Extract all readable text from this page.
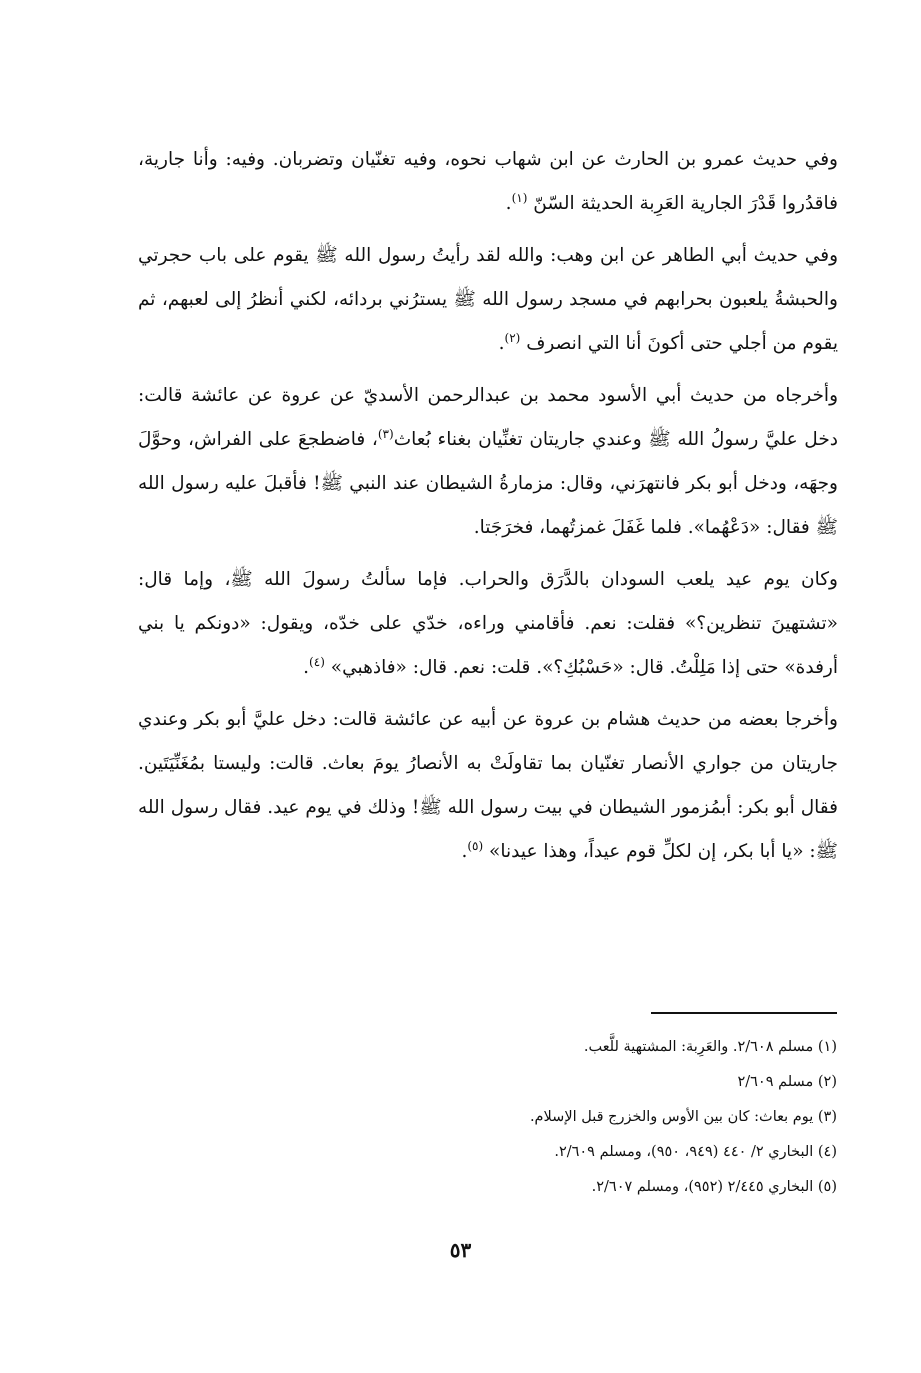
وفي حديث عمرو بن الحارث عن ابن شهاب نحوه، وفيه تغنّيان وتضربان. وفيه: وأنا جارية، فاقدُروا قَدْرَ الجارية العَرِبة الحديثة السّنّ $^{(١)}$.

وفي حديث أبي الطاهر عن ابن وهب: والله لقد رأيتُ رسول الله ﷺ يقوم على باب حجرتي والحبشةُ يلعبون بحرابهم في مسجد رسول الله ﷺ يسترُني بردائه، لكني أنظرُ إلى لعبهم، ثم يقوم من أجلي حتى أكونَ أنا التي انصرف $^{(٢)}$.

وأخرجاه من حديث أبي الأسود محمد بن عبدالرحمن الأسديّ عن عروة عن عائشة قالت: دخل عليَّ رسولُ الله ﷺ وعندي جاريتان تغنِّيان بغناء بُعاث$^{(٣)}$، فاضطجعَ على الفراش، وحوَّلَ وجهَه، ودخل أبو بكر فانتهرَني، وقال: مزمارةُ الشيطان عند النبي ﷺ! فأقبلَ عليه رسول الله ﷺ فقال: «دَعْهُما». فلما غَفَلَ غمزتُهما، فخرَجَتا.

وكان يوم عيد يلعب السودان بالدَّرَق والحراب. فإما سألتُ رسولَ الله ﷺ، وإما قال: «تشتهينَ تنظرين؟» فقلت: نعم. فأقامني وراءه، خدّي على خدّه، ويقول: «دونكم يا بني أرفدة» حتى إذا مَلِلْتُ. قال: «حَسْبُكِ؟». قلت: نعم. قال: «فاذهبي» $^{(٤)}$.

وأخرجا بعضه من حديث هشام بن عروة عن أبيه عن عائشة قالت: دخل عليَّ أبو بكر وعندي جاريتان من جواري الأنصار تغنّيان بما تقاولَتْ به الأنصارُ يومَ بعاث. قالت: وليستا بمُغَنِّيَتَين. فقال أبو بكر: أبمُزمور الشيطان في بيت رسول الله ﷺ! وذلك في يوم عيد. فقال رسول الله ﷺ: «يا أبا بكر، إن لكلِّ قوم عيداً، وهذا عيدنا» $^{(٥)}$.

(١) مسلم ٢/٦٠٨. والعَرِبة: المشتهية للَّعب.
(٢) مسلم ٢/٦٠٩
(٣) يوم بعاث: كان بين الأوس والخزرج قبل الإسلام.
(٤) البخاري ٢/ ٤٤٠ (٩٤٩، ٩٥٠)، ومسلم ٢/٦٠٩.
(٥) البخاري ٢/٤٤٥ (٩٥٢)، ومسلم ٢/٦٠٧.
٥٣
